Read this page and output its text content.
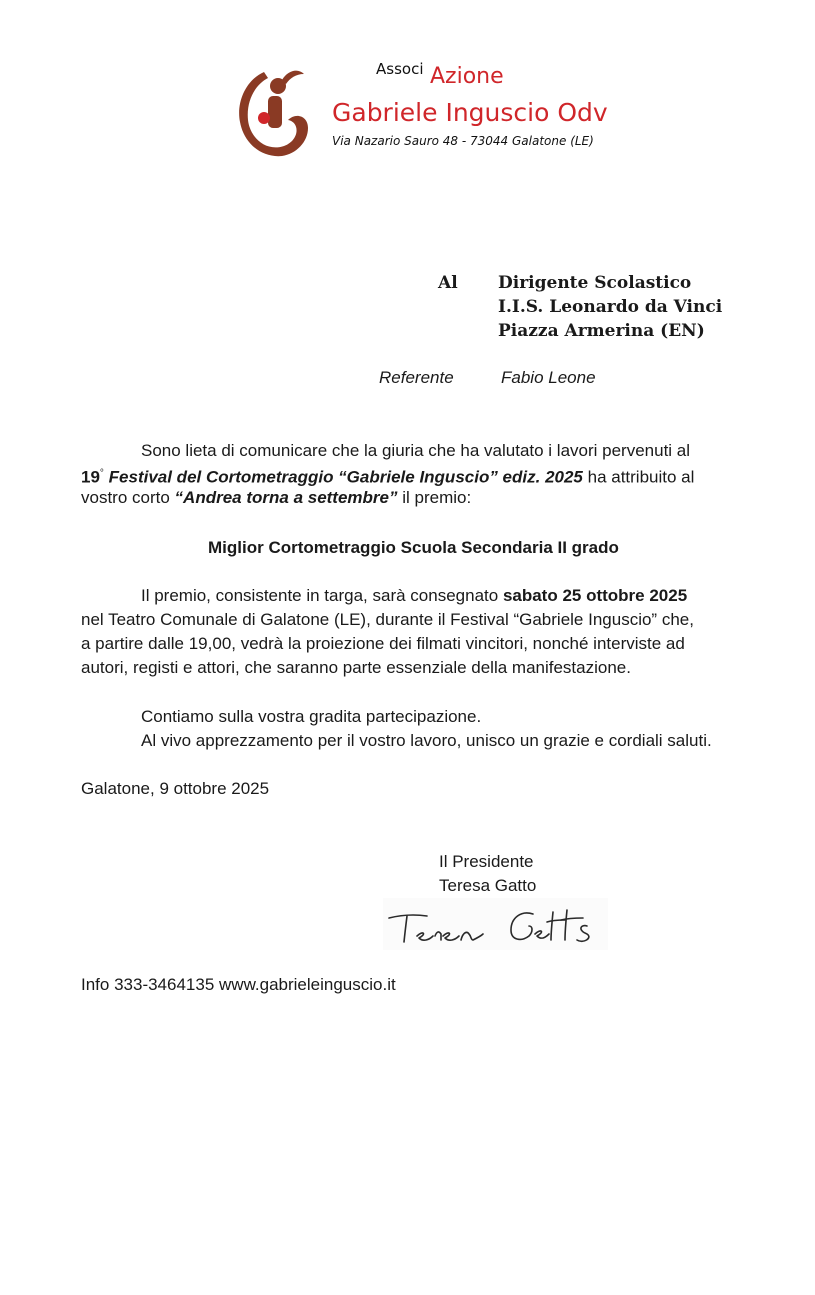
Associ Azione
Gabriele Inguscio Odv
Via Nazario Sauro 48 - 73044 Galatone (LE)
Al Dirigente Scolastico
I.I.S. Leonardo da Vinci
Piazza Armerina (EN)
Referente	Fabio Leone
Sono lieta di comunicare che la giuria che ha valutato i lavori pervenuti al
19° Festival del Cortometraggio “Gabriele Inguscio” ediz. 2025 ha attribuito al
vostro corto “Andrea torna a settembre” il premio:
Miglior Cortometraggio Scuola Secondaria II grado
Il premio, consistente in targa, sarà consegnato sabato 25 ottobre 2025
nel Teatro Comunale di Galatone (LE), durante il Festival “Gabriele Inguscio” che,
a partire dalle 19,00, vedrà la proiezione dei filmati vincitori, nonché interviste ad
autori, registi e attori, che saranno parte essenziale della manifestazione.
Contiamo sulla vostra gradita partecipazione.
Al vivo apprezzamento per il vostro lavoro, unisco un grazie e cordiali saluti.
Galatone, 9 ottobre 2025
Il Presidente
Teresa Gatto
Info 333-3464135 www.gabrieleinguscio.it
